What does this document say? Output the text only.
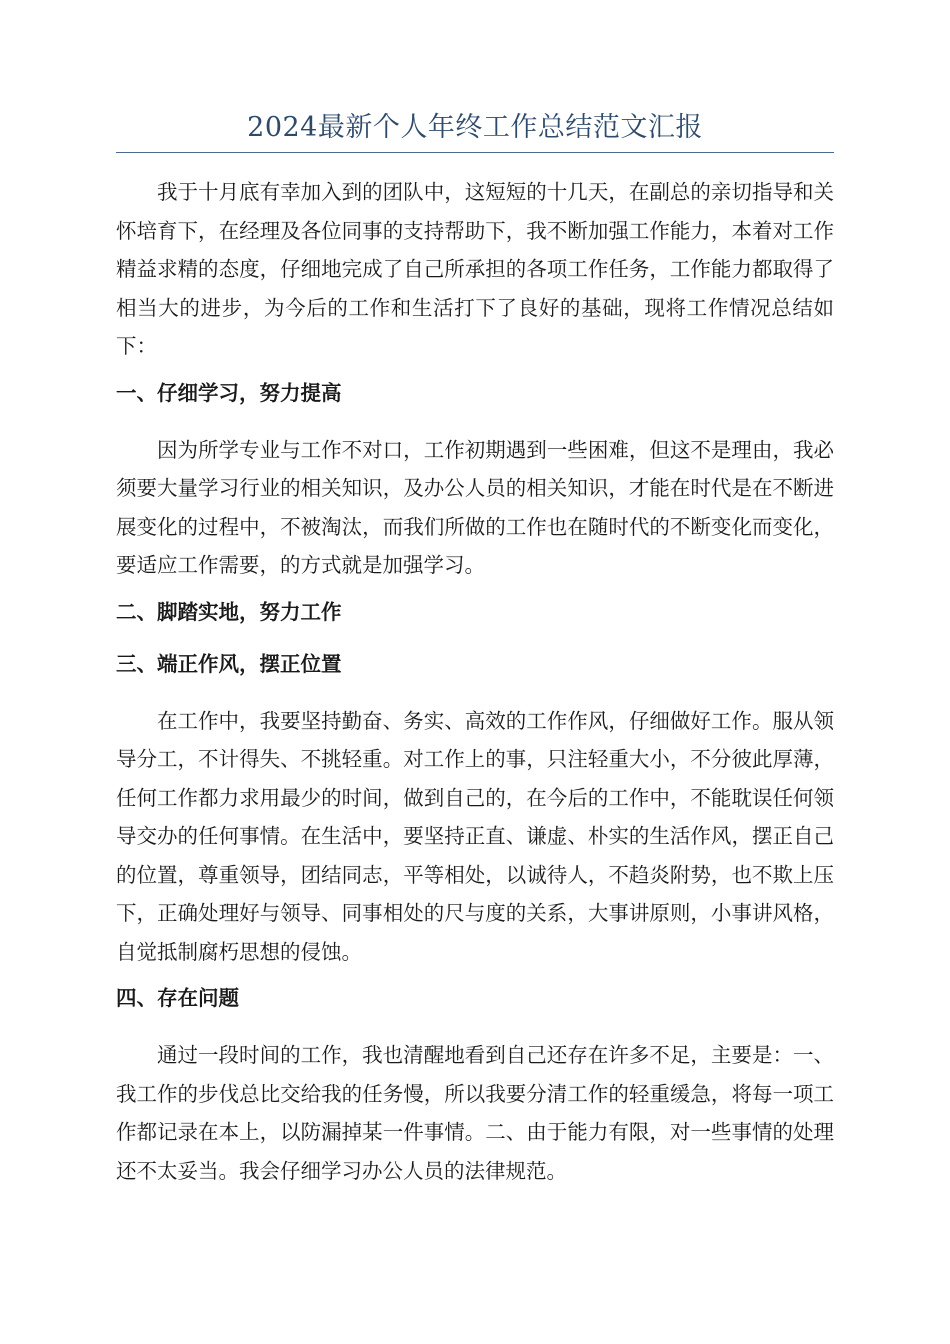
2024最新个人年终工作总结范文汇报

我于十月底有幸加入到的团队中，这短短的十几天，在副总的亲切指导和关怀培育下，在经理及各位同事的支持帮助下，我不断加强工作能力，本着对工作精益求精的态度，仔细地完成了自己所承担的各项工作任务，工作能力都取得了相当大的进步，为今后的工作和生活打下了良好的基础，现将工作情况总结如下：

一、仔细学习，努力提高

因为所学专业与工作不对口，工作初期遇到一些困难，但这不是理由，我必须要大量学习行业的相关知识，及办公人员的相关知识，才能在时代是在不断进展变化的过程中，不被淘汰，而我们所做的工作也在随时代的不断变化而变化，要适应工作需要，的方式就是加强学习。

二、脚踏实地，努力工作
三、端正作风，摆正位置

在工作中，我要坚持勤奋、务实、高效的工作作风，仔细做好工作。服从领导分工，不计得失、不挑轻重。对工作上的事，只注轻重大小，不分彼此厚薄，任何工作都力求用最少的时间，做到自己的，在今后的工作中，不能耽误任何领导交办的任何事情。在生活中，要坚持正直、谦虚、朴实的生活作风，摆正自己的位置，尊重领导，团结同志，平等相处，以诚待人，不趋炎附势，也不欺上压下，正确处理好与领导、同事相处的尺与度的关系，大事讲原则，小事讲风格，自觉抵制腐朽思想的侵蚀。

四、存在问题

通过一段时间的工作，我也清醒地看到自己还存在许多不足，主要是：一、我工作的步伐总比交给我的任务慢，所以我要分清工作的轻重缓急，将每一项工作都记录在本上，以防漏掉某一件事情。二、由于能力有限，对一些事情的处理还不太妥当。我会仔细学习办公人员的法律规范。
